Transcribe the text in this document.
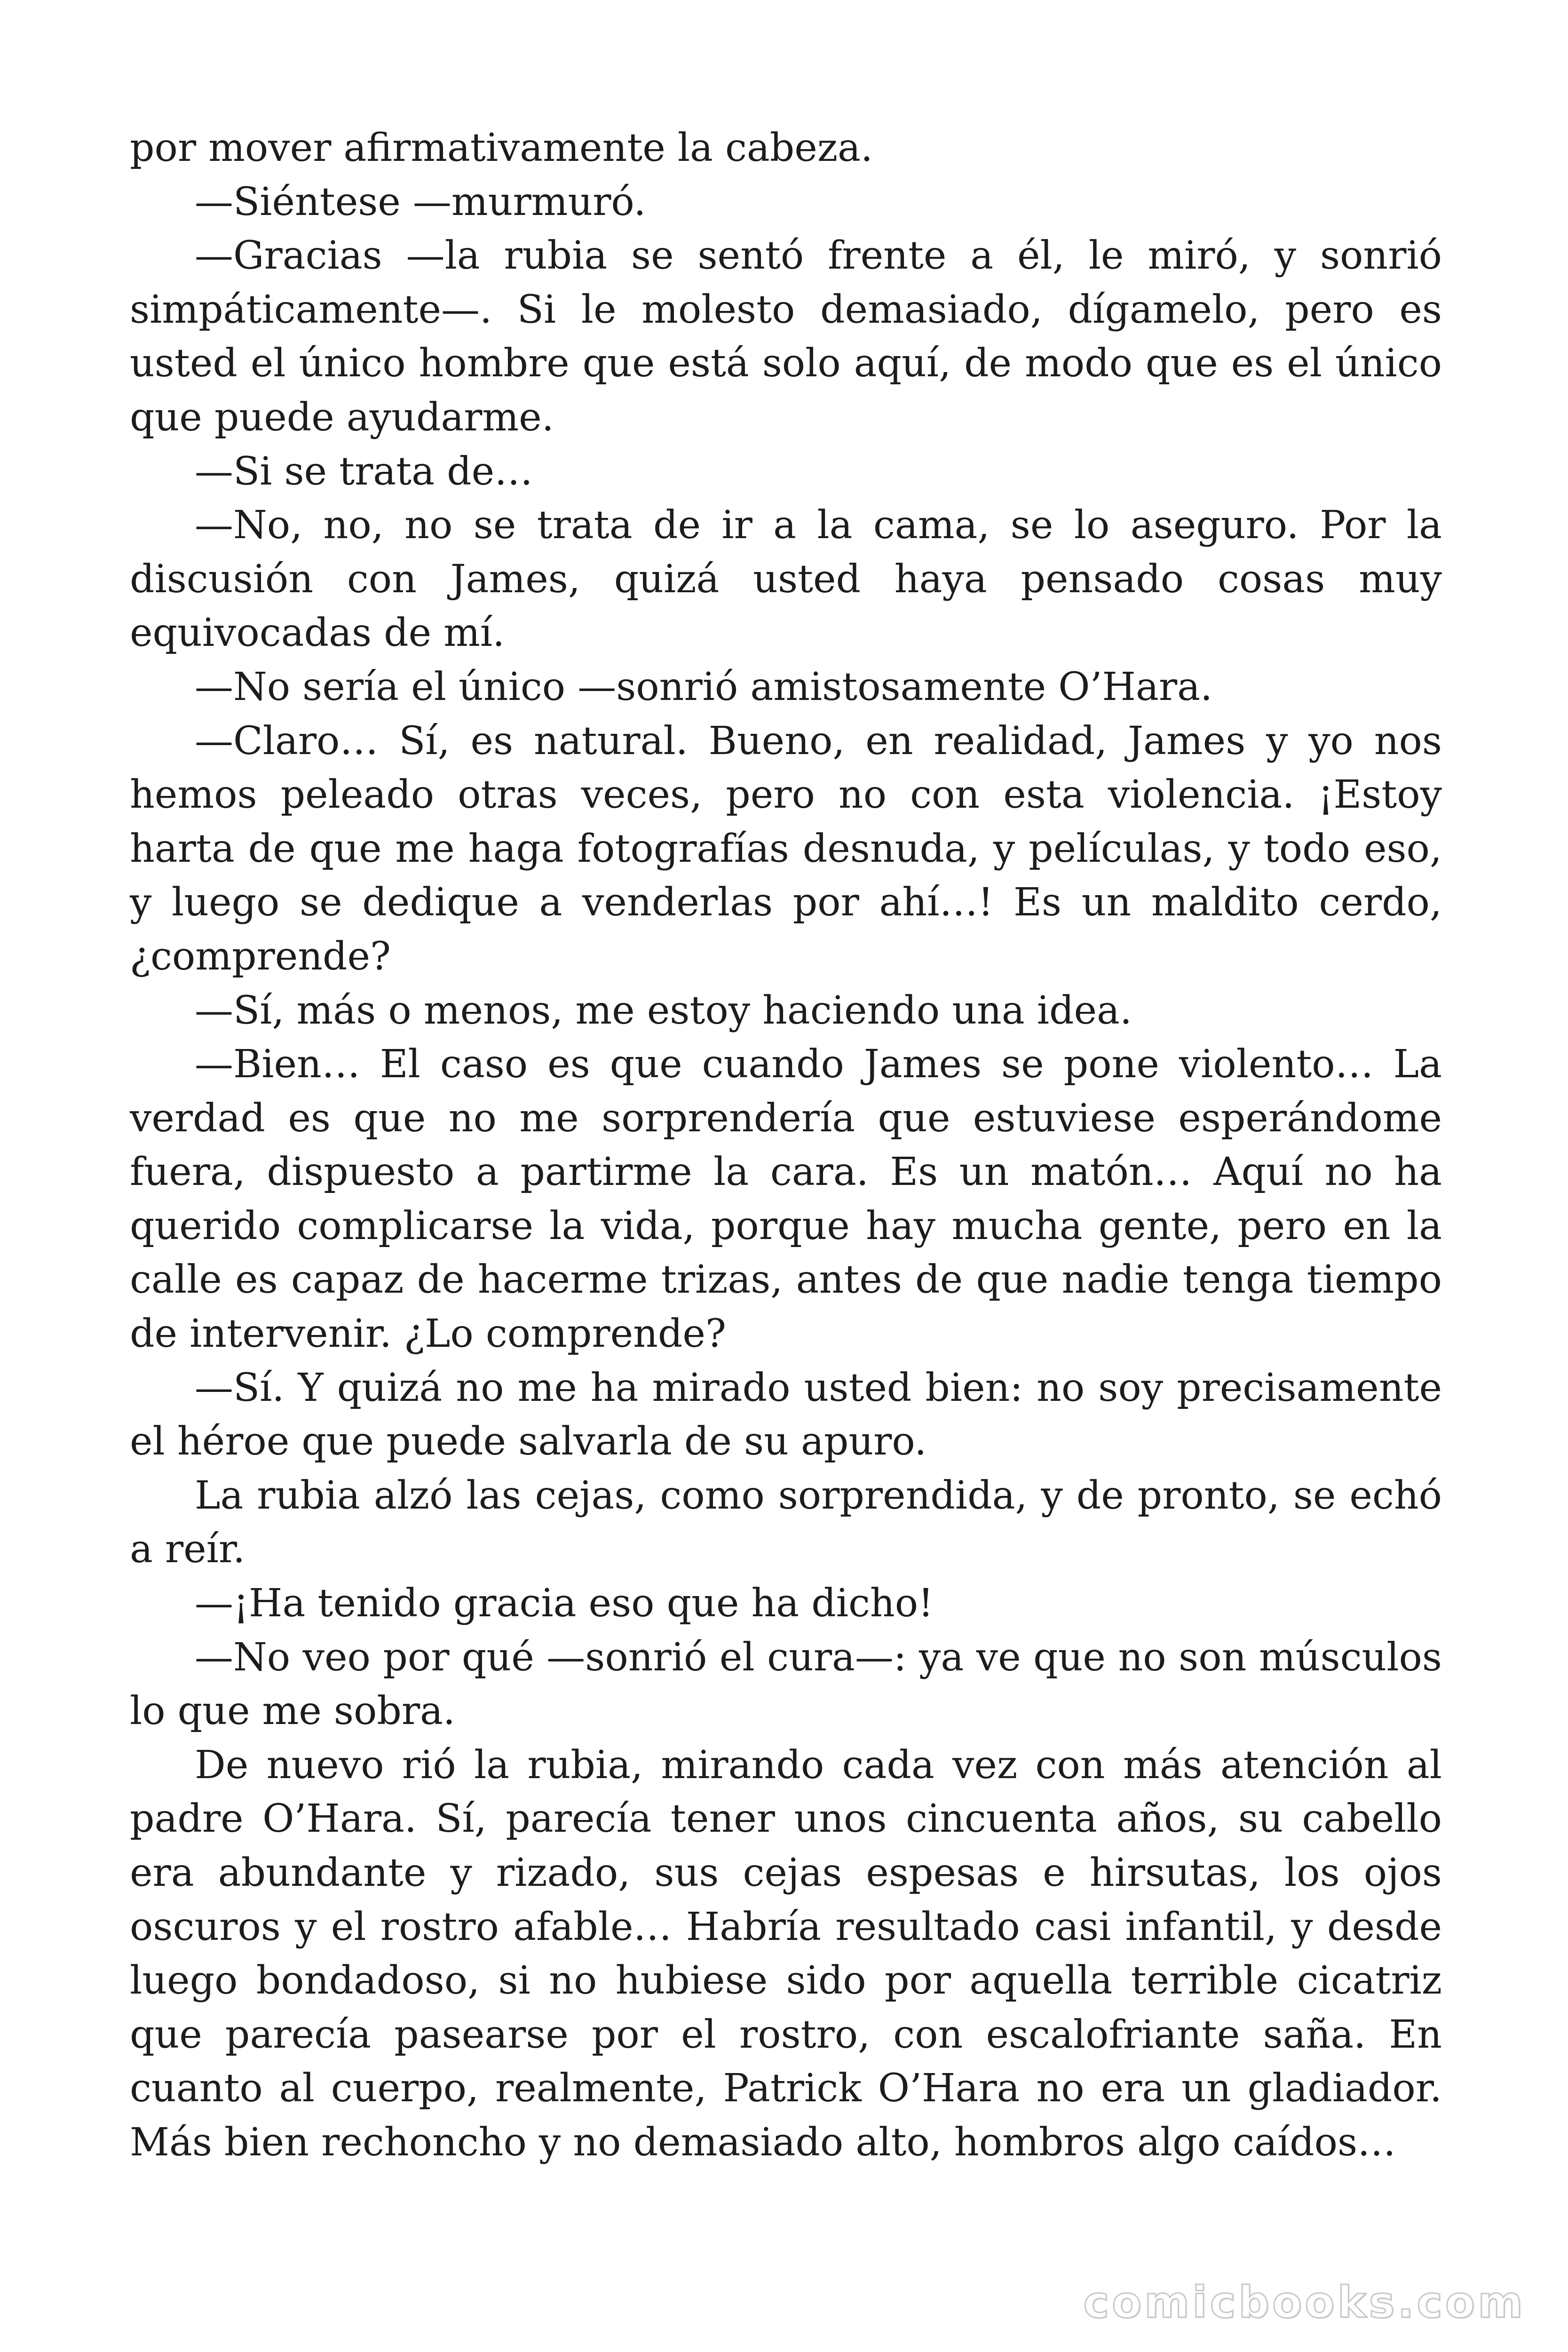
por mover afirmativamente la cabeza.

—Siéntese —murmuró.

—Gracias —la rubia se sentó frente a él, le miró, y sonrió simpáticamente—. Si le molesto demasiado, dígamelo, pero es usted el único hombre que está solo aquí, de modo que es el único que puede ayudarme.

—Si se trata de…

—No, no, no se trata de ir a la cama, se lo aseguro. Por la discusión con James, quizá usted haya pensado cosas muy equivocadas de mí.

—No sería el único —sonrió amistosamente O’Hara.

—Claro… Sí, es natural. Bueno, en realidad, James y yo nos hemos peleado otras veces, pero no con esta violencia. ¡Estoy harta de que me haga fotografías desnuda, y películas, y todo eso, y luego se dedique a venderlas por ahí…! Es un maldito cerdo, ¿comprende?

—Sí, más o menos, me estoy haciendo una idea.

—Bien… El caso es que cuando James se pone violento… La verdad es que no me sorprendería que estuviese esperándome fuera, dispuesto a partirme la cara. Es un matón… Aquí no ha querido complicarse la vida, porque hay mucha gente, pero en la calle es capaz de hacerme trizas, antes de que nadie tenga tiempo de intervenir. ¿Lo comprende?

—Sí. Y quizá no me ha mirado usted bien: no soy precisamente el héroe que puede salvarla de su apuro.

La rubia alzó las cejas, como sorprendida, y de pronto, se echó a reír.

—¡Ha tenido gracia eso que ha dicho!

—No veo por qué —sonrió el cura—: ya ve que no son músculos lo que me sobra.

De nuevo rió la rubia, mirando cada vez con más atención al padre O’Hara. Sí, parecía tener unos cincuenta años, su cabello era abundante y rizado, sus cejas espesas e hirsutas, los ojos oscuros y el rostro afable… Habría resultado casi infantil, y desde luego bondadoso, si no hubiese sido por aquella terrible cicatriz que parecía pasearse por el rostro, con escalofriante saña. En cuanto al cuerpo, realmente, Patrick O’Hara no era un gladiador. Más bien rechoncho y no demasiado alto, hombros algo caídos…

comicbooks.com
